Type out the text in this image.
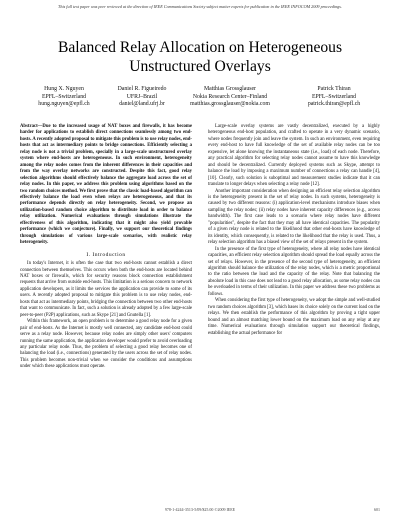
This full text paper was peer reviewed at the direction of IEEE Communications Society subject matter experts for publication in the IEEE INFOCOM 2009 proceedings.
Balanced Relay Allocation on Heterogeneous
Unstructured Overlays
Hung X. Nguyen
EPFL–Switzerland
hung.nguyen@epfl.ch
Daniel R. Figueiredo
UFRJ–Brazil
daniel@land.ufrj.br
Matthias Grossglauser
Nokia Research Center–Finland
matthias.grossglauser@nokia.com
Patrick Thiran
EPFL–Switzerland
patrick.thiran@epfl.ch

Abstract—Due to the increased usage of NAT boxes and firewalls, it has become harder for applications to establish direct connections seamlessly among two end-hosts. A recently adopted proposal to mitigate this problem is to use relay nodes, end-hosts that act as intermediary points to bridge connections. Efficiently selecting a relay node is not a trivial problem, specially in a large-scale unstructured overlay system where end-hosts are heterogeneous. In such environment, heterogeneity among the relay nodes comes from the inherent differences in their capacities and from the way overlay networks are constructed. Despite this fact, good relay selection algorithms should effectively balance the aggregate load across the set of relay nodes. In this paper, we address this problem using algorithms based on the two random choices method. We first prove that the classic load-based algorithm can effectively balance the load even when relays are heterogeneous, and that its performance depends directly on relay heterogeneity. Second, we propose an utilization-based random choice algorithm to distribute load in order to balance relay utilization. Numerical evaluations through simulations illustrate the effectiveness of this algorithm, indicating that it might also yield provable performance (which we conjecture). Finally, we support our theoretical findings through simulations of various large-scale scenarios, with realistic relay heterogeneity.

I. Introduction

In today's Internet, it is often the case that two end-hosts cannot establish a direct connection between themselves. This occurs when both the end-hosts are located behind NAT boxes or firewalls, which for security reasons block connection establishment requests that arrive from outside end-hosts. This limitation is a serious concern to network application developers, as it limits the services the application can provide to some of its users. A recently adopted proposal to mitigate this problem is to use relay nodes, end-hosts that act as intermediary points, bridging the connection between two other end-hosts that want to communicate. In fact, such a solution is already adopted by a few large-scale peer-to-peer (P2P) applications, such as Skype [21] and Gnutella [1].

Within this framework, an open problem is to determine a good relay node for a given pair of end-hosts. As the Internet is mostly well connected, any candidate end-host could serve as a relay node. However, because relay nodes are simply other users' computers running the same application, the application developer would prefer to avoid overloading any particular relay node. Thus, the problem of selecting a good relay becomes one of balancing the load (i.e., connections) generated by the users across the set of relay nodes. This problem becomes non-trivial when we consider the conditions and assumptions under which these applications must operate.

Large-scale overlay systems are vastly decentralized, executed by a highly heterogeneous end-host population, and crafted to operate in a very dynamic scenario, where nodes frequently join and leave the system. In such an environment, even requiring every end-host to have full knowledge of the set of available relay nodes can be too expensive, let alone knowing the instantaneous state (i.e., load) of each node. Therefore, any practical algorithm for selecting relay nodes cannot assume to have this knowledge and should be decentralized. Currently deployed systems such as Skype, attempt to balance the load by imposing a maximum number of connections a relay can handle [4], [10]. Clearly, such solution is suboptimal and measurement studies indicate that it can translate to longer delays when selecting a relay node [12].

Another important consideration when designing an efficient relay selection algorithm is the heterogeneity present in the set of relay nodes. In such systems, heterogeneity is caused by two different reasons: (i) application-level mechanisms introduce biases when sampling the relay nodes; (ii) relay nodes have inherent capacity differences (e.g., access bandwidth). The first case leads to a scenario where relay nodes have different "popularities", despite the fact that they may all have identical capacities. The popularity of a given relay node is related to the likelihood that other end-hosts have knowledge of its identity, which consequently, is related to the likelihood that the relay is used. Thus, a relay selection algorithm has a biased view of the set of relays present in the system.

In the presence of the first type of heterogeneity, where all relay nodes have identical capacities, an efficient relay selection algorithm should spread the load equally across the set of relays. However, in the presence of the second type of heterogeneity, an efficient algorithm should balance the utilization of the relay nodes, which is a metric proportional to the ratio between the load and the capacity of the relay. Note that balancing the absolute load in this case does not lead to a good relay allocation, as some relay nodes can be overloaded in terms of their utilization. In this paper we address these two problems as follows.

When considering the first type of heterogeneity, we adopt the simple and well-studied two random choices algorithm [3], which bases its choice solely on the current load on the relays. We then establish the performance of this algorithm by proving a tight upper bound and an almost matching lower bound on the maximum load on any relay at any time. Numerical evaluations through simulation support our theoretical findings, establishing the actual performance for

978-1-4244-3513-5/09/$25.00 ©2009 IEEE	601
